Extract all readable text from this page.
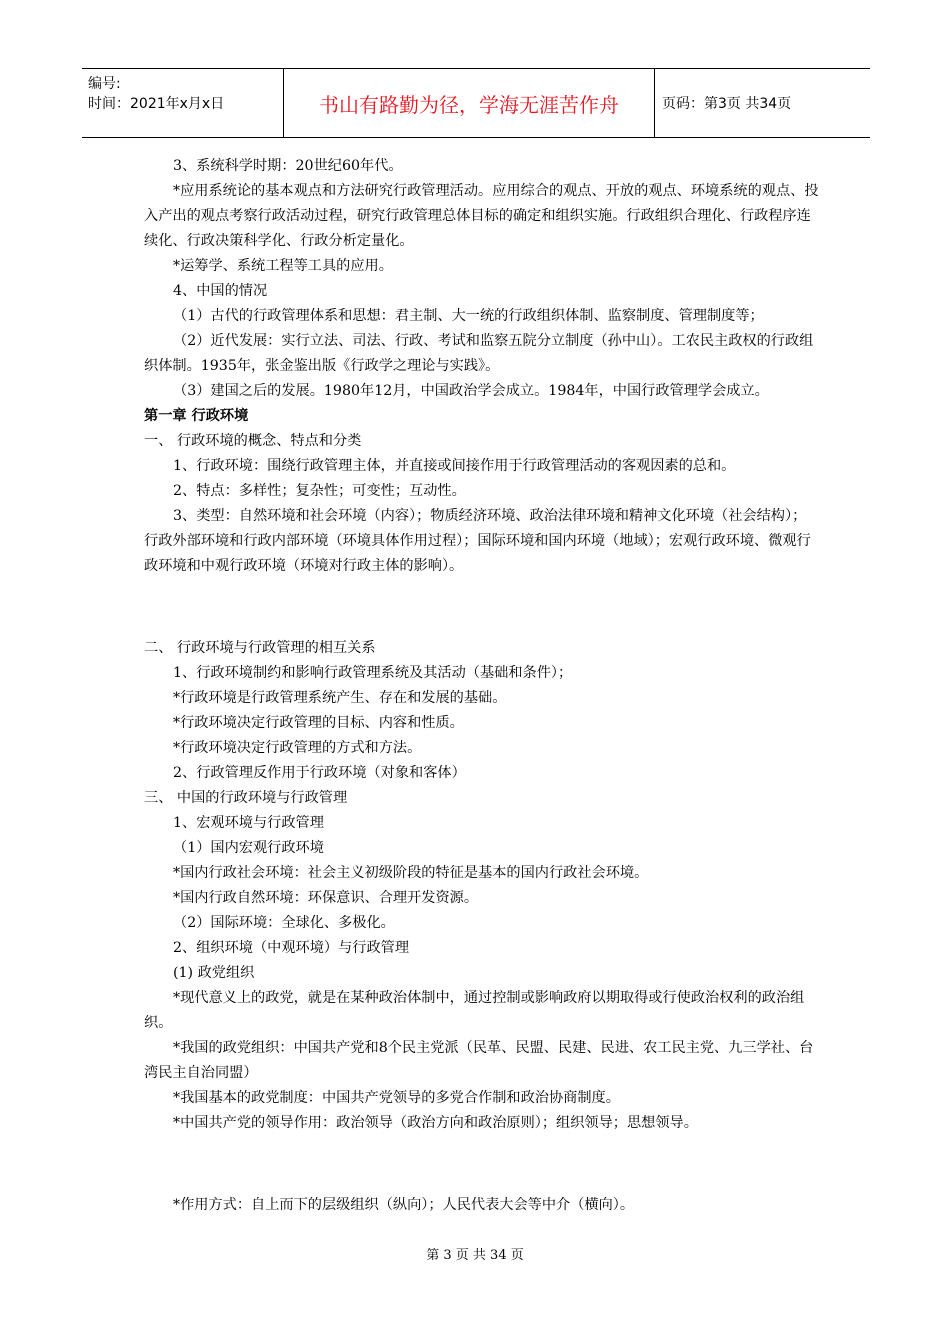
编号:
时间：2021年x月x日	书山有路勤为径，学海无涯苦作舟	页码：第3页 共34页

3、系统科学时期：20世纪60年代。

*应用系统论的基本观点和方法研究行政管理活动。应用综合的观点、开放的观点、环境系统的观点、投入产出的观点考察行政活动过程，研究行政管理总体目标的确定和组织实施。行政组织合理化、行政程序连续化、行政决策科学化、行政分析定量化。

*运筹学、系统工程等工具的应用。

4、中国的情况

（1）古代的行政管理体系和思想：君主制、大一统的行政组织体制、监察制度、管理制度等；

（2）近代发展：实行立法、司法、行政、考试和监察五院分立制度（孙中山）。工农民主政权的行政组织体制。1935年，张金鉴出版《行政学之理论与实践》。

（3）建国之后的发展。1980年12月，中国政治学会成立。1984年，中国行政管理学会成立。

第一章 行政环境

一、 行政环境的概念、特点和分类

1、行政环境：围绕行政管理主体，并直接或间接作用于行政管理活动的客观因素的总和。

2、特点：多样性；复杂性；可变性；互动性。

3、类型：自然环境和社会环境（内容）；物质经济环境、政治法律环境和精神文化环境（社会结构）；行政外部环境和行政内部环境（环境具体作用过程）；国际环境和国内环境（地域）；宏观行政环境、微观行政环境和中观行政环境（环境对行政主体的影响）。

二、 行政环境与行政管理的相互关系

1、行政环境制约和影响行政管理系统及其活动（基础和条件）；

*行政环境是行政管理系统产生、存在和发展的基础。

*行政环境决定行政管理的目标、内容和性质。

*行政环境决定行政管理的方式和方法。

2、行政管理反作用于行政环境（对象和客体）

三、 中国的行政环境与行政管理

1、宏观环境与行政管理

（1）国内宏观行政环境

*国内行政社会环境：社会主义初级阶段的特征是基本的国内行政社会环境。

*国内行政自然环境：环保意识、合理开发资源。

（2）国际环境：全球化、多极化。

2、组织环境（中观环境）与行政管理

(1) 政党组织

*现代意义上的政党，就是在某种政治体制中，通过控制或影响政府以期取得或行使政治权利的政治组织。

*我国的政党组织：中国共产党和8个民主党派（民革、民盟、民建、民进、农工民主党、九三学社、台湾民主自治同盟）

*我国基本的政党制度：中国共产党领导的多党合作制和政治协商制度。

*中国共产党的领导作用：政治领导（政治方向和政治原则）；组织领导；思想领导。

*作用方式：自上而下的层级组织（纵向）；人民代表大会等中介（横向）。

第 3 页 共 34 页
